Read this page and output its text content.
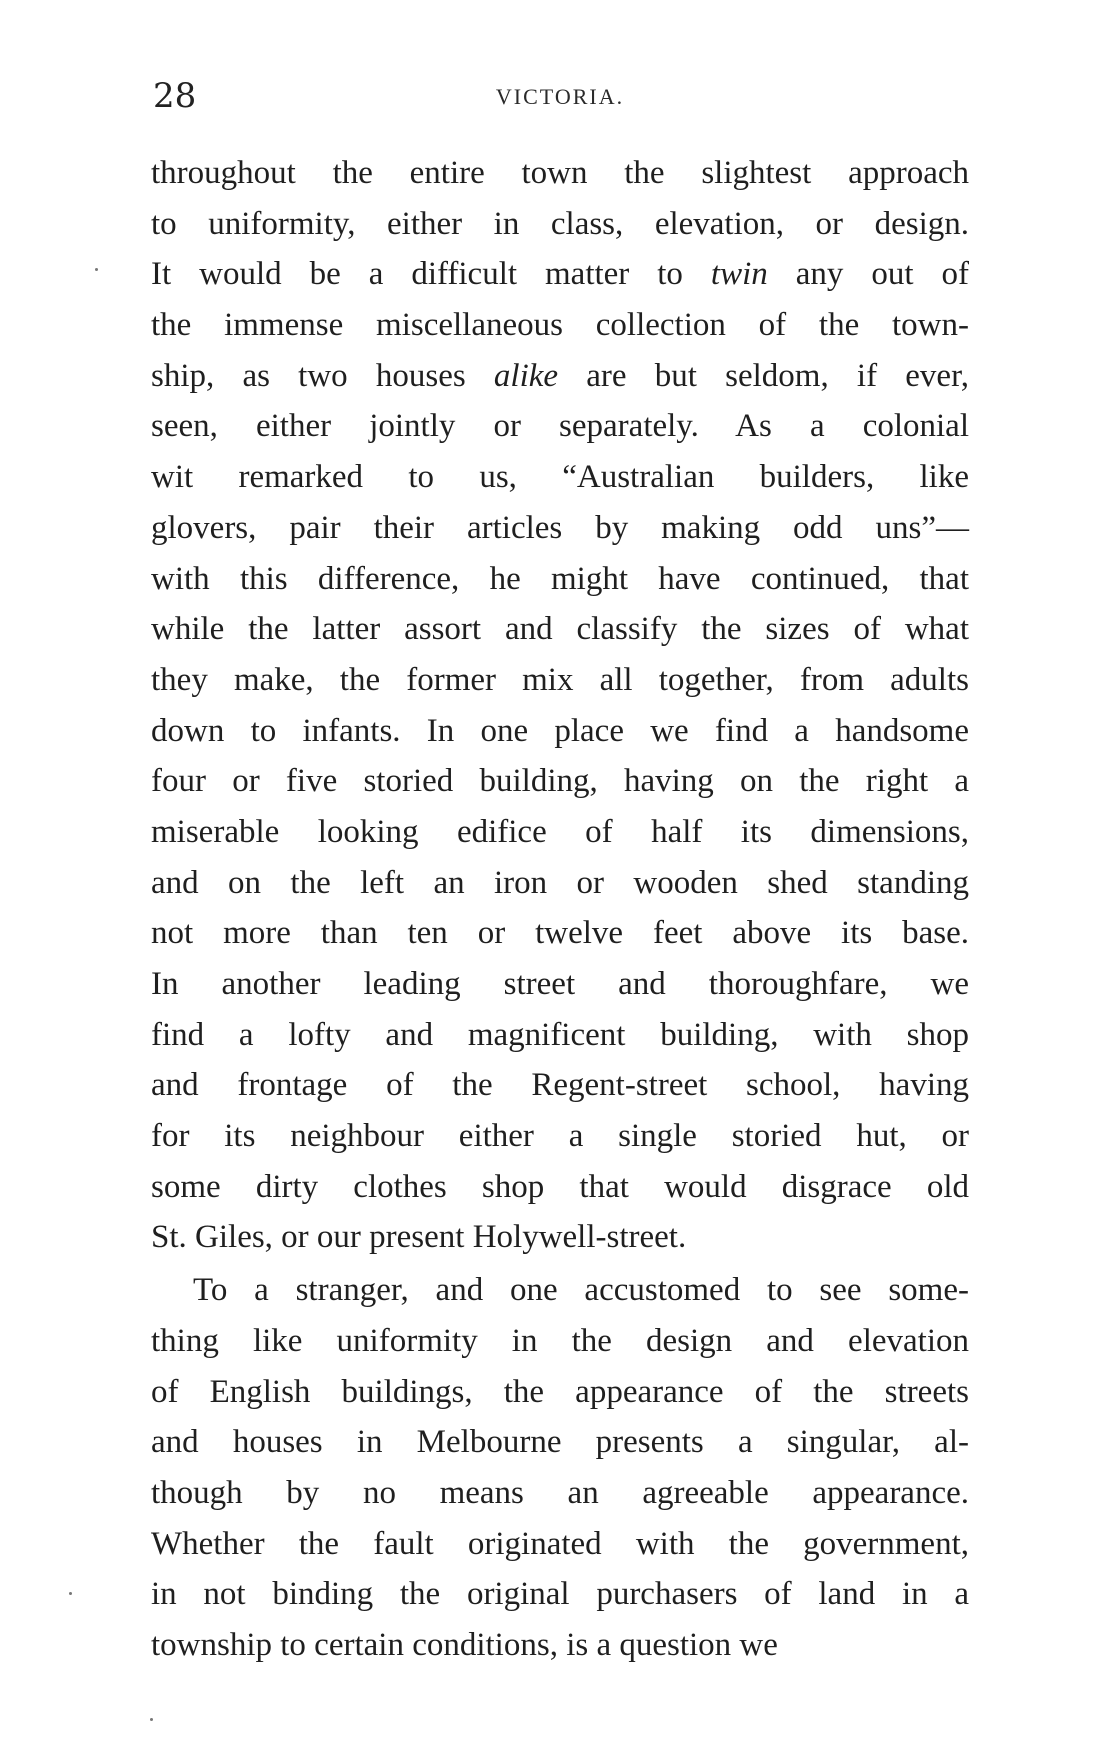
28	VICTORIA.
throughout the entire town the slightest approach
to uniformity, either in class, elevation, or design.
It would be a difficult matter to twin any out of
the immense miscellaneous collection of the town-
ship, as two houses alike are but seldom, if ever,
seen, either jointly or separately. As a colonial
wit remarked to us, “Australian builders, like
glovers, pair their articles by making odd uns”—
with this difference, he might have continued, that
while the latter assort and classify the sizes of what
they make, the former mix all together, from adults
down to infants. In one place we find a handsome
four or five storied building, having on the right a
miserable looking edifice of half its dimensions,
and on the left an iron or wooden shed standing
not more than ten or twelve feet above its base.
In another leading street and thoroughfare, we
find a lofty and magnificent building, with shop
and frontage of the Regent-street school, having
for its neighbour either a single storied hut, or
some dirty clothes shop that would disgrace old
St. Giles, or our present Holywell-street.
To a stranger, and one accustomed to see some-
thing like uniformity in the design and elevation
of English buildings, the appearance of the streets
and houses in Melbourne presents a singular, al-
though by no means an agreeable appearance.
Whether the fault originated with the government,
in not binding the original purchasers of land in a
township to certain conditions, is a question we
